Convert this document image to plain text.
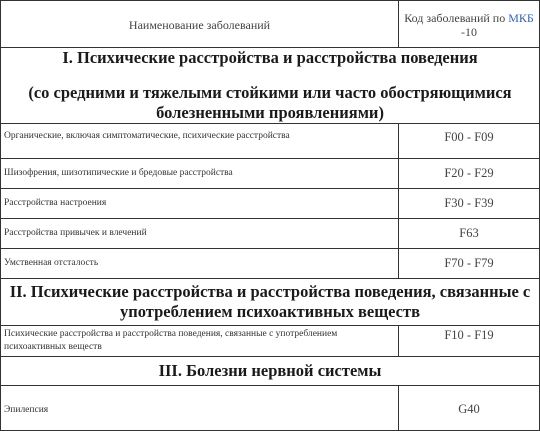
Наименование заболеваний	Код заболеваний по МКБ
-10
I. Психические расстройства и расстройства поведения
(со средними и тяжелыми стойкими или часто обостряющимися болезненными проявлениями)	

Органические, включая симптоматические, психические расстройства	F00 - F09
Шизофрения, шизотипические и бредовые расстройства	F20 - F29
Расстройства настроения	F30 - F39
Расстройства привычек и влечений	F63
Умственная отсталость	F70 - F79
II. Психические расстройства и расстройства поведения, связанные с употреблением психоактивных веществ	
Психические расстройства и расстройства поведения, связанные с употреблением психоактивных веществ	F10 - F19
III. Болезни нервной системы	
Эпилепсия	G40
